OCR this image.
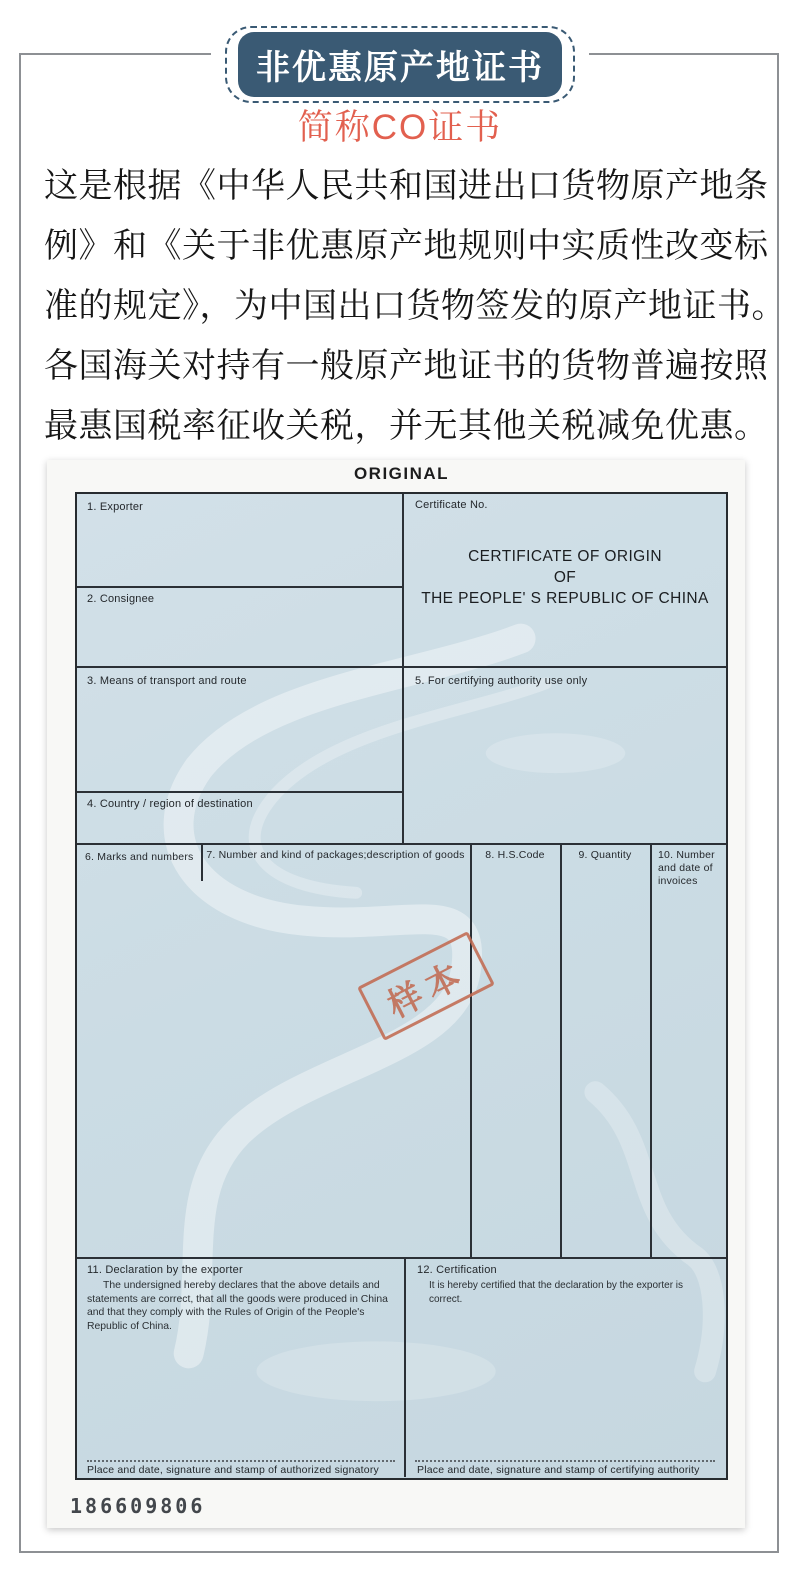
非优惠原产地证书
简称CO证书
这是根据《中华人民共和国进出口货物原产地条
例》和《关于非优惠原产地规则中实质性改变标
准的规定》，为中国出口货物签发的原产地证书。
各国海关对持有一般原产地证书的货物普遍按照
最惠国税率征收关税，并无其他关税减免优惠。
ORIGINAL
1. Exporter	Certificate No.
CERTIFICATE OF ORIGIN
OF
THE PEOPLE' S REPUBLIC OF CHINA
2. Consignee
3. Means of transport and route	5. For certifying authority use only
4. Country / region of destination
6. Marks and numbers	7. Number and kind of packages;description of goods	8. H.S.Code	9. Quantity	10. Number and date of invoices
11. Declaration by the exporter
The undersigned hereby declares that the above details and statements are correct, that all the goods were produced in China and that they comply with the Rules of Origin of the People's Republic of China.
12. Certification
It is hereby certified that the declaration by the exporter is correct.
Place and date, signature and stamp of authorized signatory	Place and date, signature and stamp of certifying authority
样本
186609806
